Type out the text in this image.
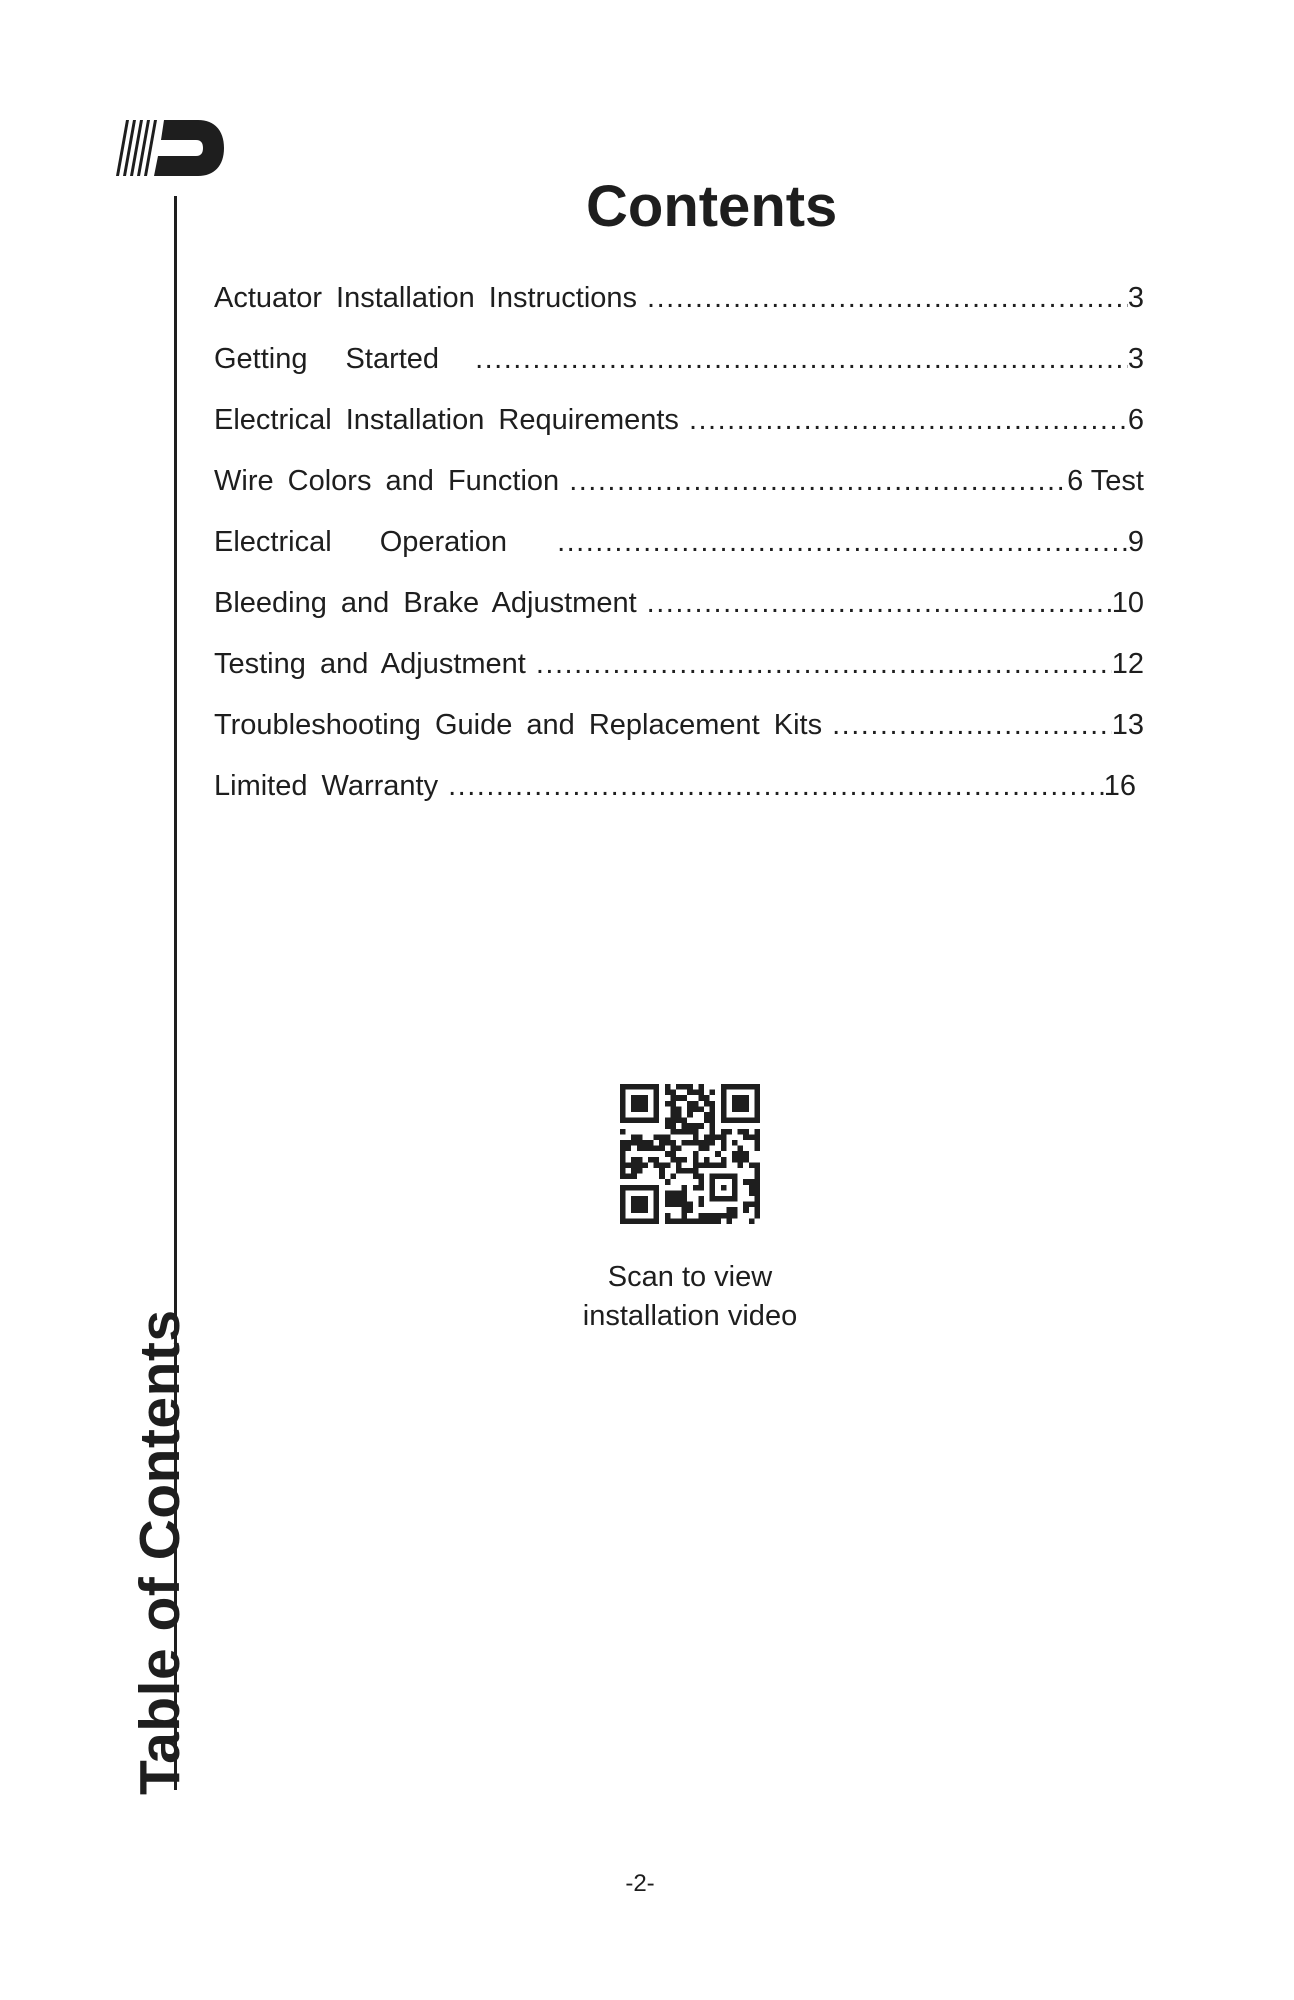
Table of Contents
Contents
Actuator Installation Instructions .....	3
Getting Started .....	3
Electrical Installation Requirements .....	6
Wire Colors and Function .....	6 Test
Electrical Operation .....	9
Bleeding and Brake Adjustment .....	10
Testing and Adjustment .....	12
Troubleshooting Guide and Replacement Kits .....	13
Limited Warranty .....	16
Scan to view
installation video
-2-
